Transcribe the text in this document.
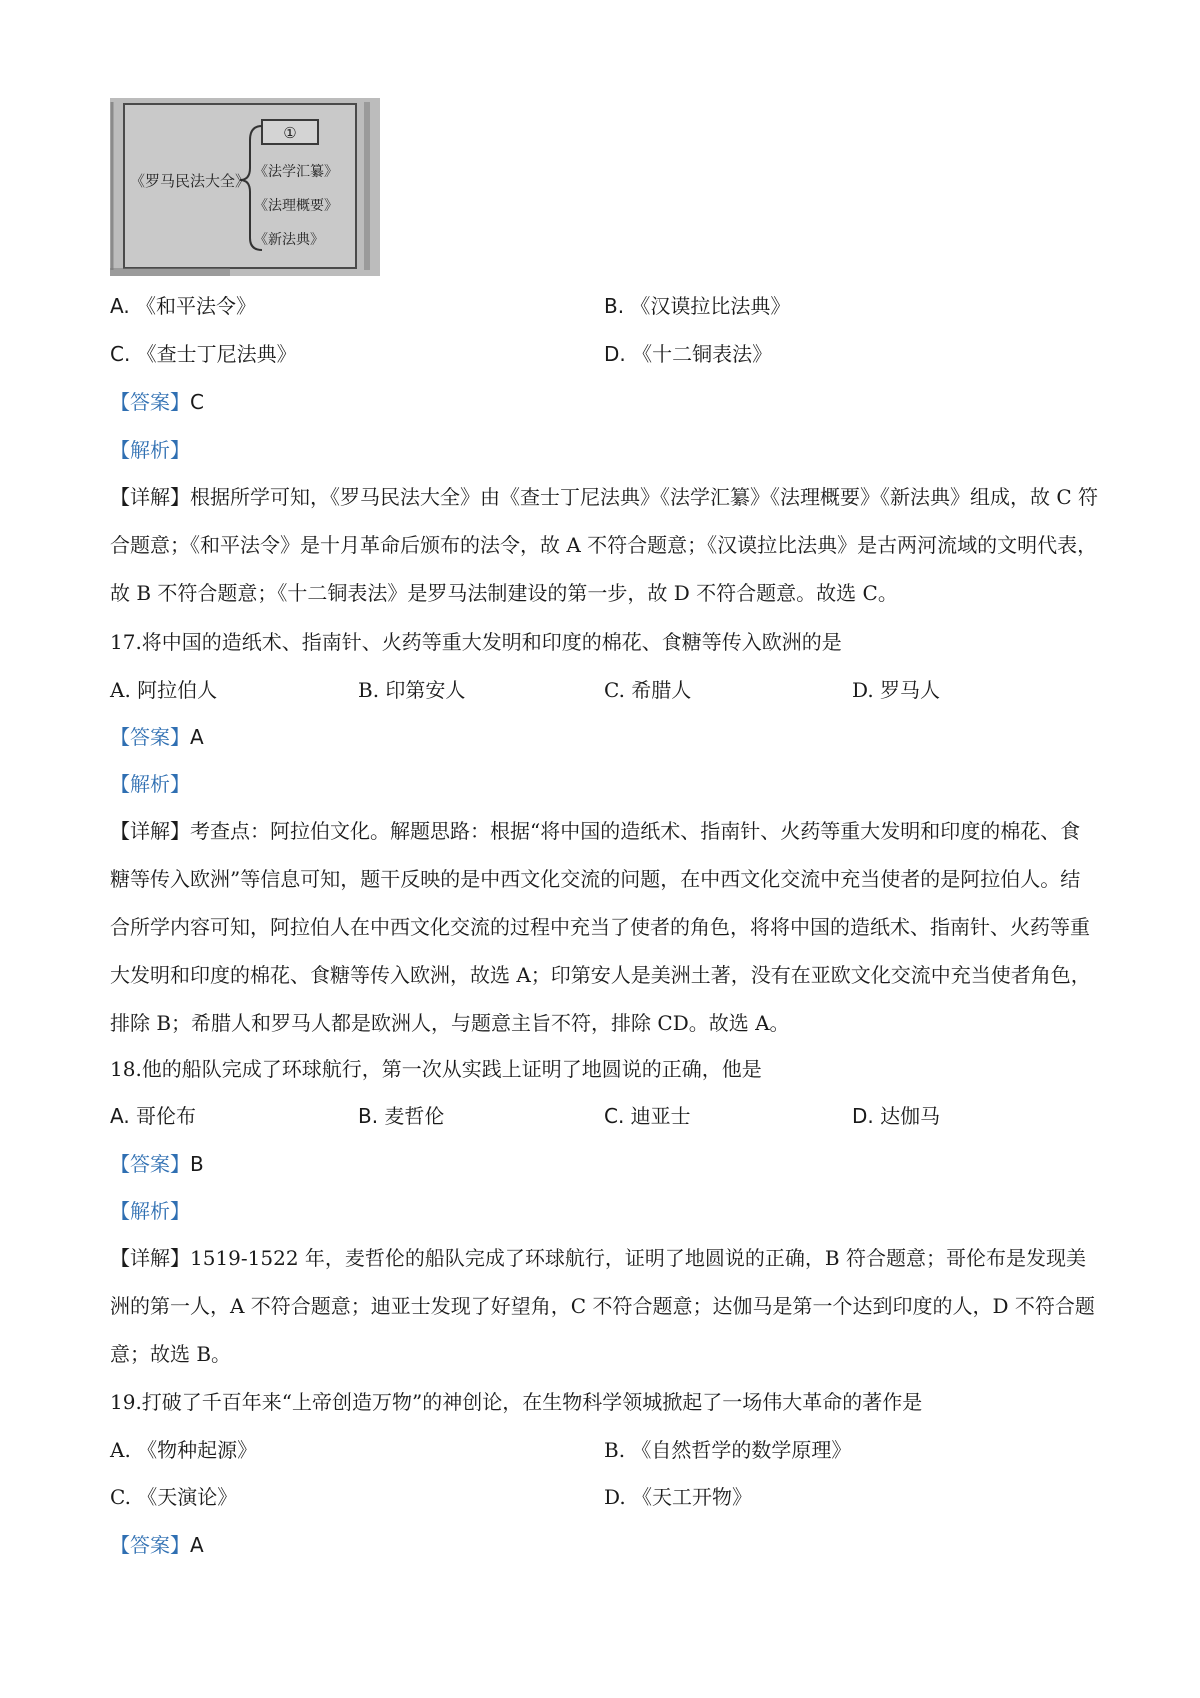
①
《罗马民法大全》 《法学汇纂》
《法理概要》
《新法典》
A. 《和平法令》	B. 《汉谟拉比法典》
C. 《查士丁尼法典》	D. 《十二铜表法》
【答案】C
【解析】
【详解】根据所学可知，《罗马民法大全》由《查士丁尼法典》《法学汇纂》《法理概要》《新法典》组成，故 C 符合题意；《和平法令》是十月革命后颁布的法令，故 A 不符合题意；《汉谟拉比法典》是古两河流域的文明代表，故 B 不符合题意；《十二铜表法》是罗马法制建设的第一步，故 D 不符合题意。故选 C。
17.将中国的造纸术、指南针、火药等重大发明和印度的棉花、食糖等传入欧洲的是
A. 阿拉伯人	B. 印第安人	C. 希腊人	D. 罗马人
【答案】A
【解析】
【详解】考查点：阿拉伯文化。解题思路：根据“将中国的造纸术、指南针、火药等重大发明和印度的棉花、食糖等传入欧洲”等信息可知，题干反映的是中西文化交流的问题，在中西文化交流中充当使者的是阿拉伯人。结合所学内容可知，阿拉伯人在中西文化交流的过程中充当了使者的角色，将将中国的造纸术、指南针、火药等重大发明和印度的棉花、食糖等传入欧洲，故选 A；印第安人是美洲土著，没有在亚欧文化交流中充当使者角色，排除 B；希腊人和罗马人都是欧洲人，与题意主旨不符，排除 CD。故选 A。
18.他的船队完成了环球航行，第一次从实践上证明了地圆说的正确，他是
A. 哥伦布	B. 麦哲伦	C. 迪亚士	D. 达伽马
【答案】B
【解析】
【详解】1519-1522 年，麦哲伦的船队完成了环球航行，证明了地圆说的正确，B 符合题意；哥伦布是发现美洲的第一人，A 不符合题意；迪亚士发现了好望角，C 不符合题意；达伽马是第一个达到印度的人，D 不符合题意；故选 B。
19.打破了千百年来“上帝创造万物”的神创论，在生物科学领城掀起了一场伟大革命的著作是
A. 《物种起源》	B. 《自然哲学的数学原理》
C. 《天演论》	D. 《天工开物》
【答案】A
